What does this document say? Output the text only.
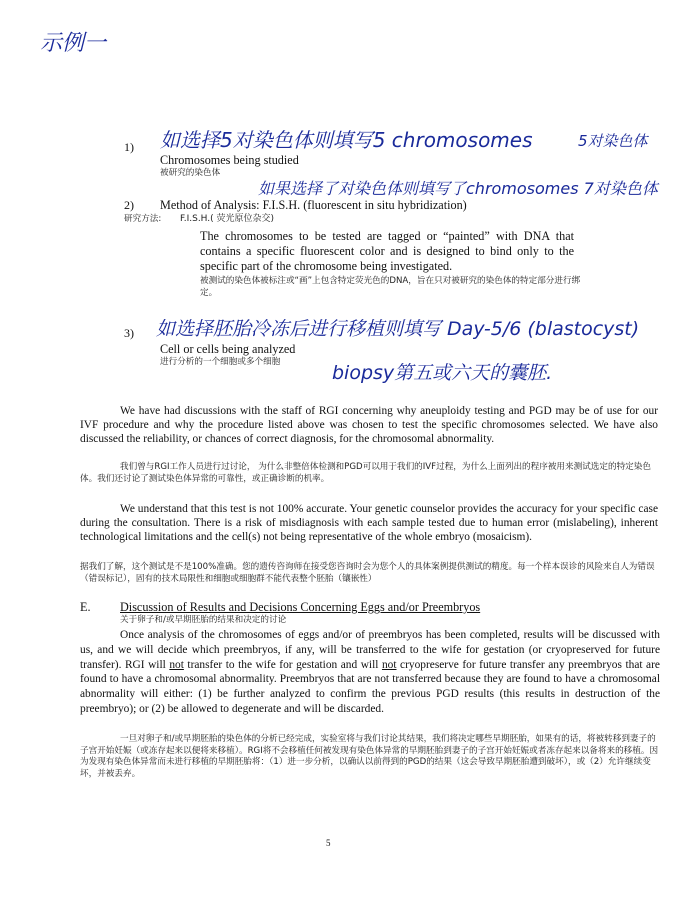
示例一
1) 如选择5对染色体则填写5 chromosomes	5对染色体
Chromosomes being studied
被研究的染色体
如果选择了对染色体则填写了chromosomes 7对染色体
2) Method of Analysis: F.I.S.H. (fluorescent in situ hybridization)
研究方法: F.I.S.H.( 荧光原位杂交)
The chromosomes to be tested are tagged or “painted” with DNA that contains a specific fluorescent color and is designed to bind only to the specific part of the chromosome being investigated.
被测试的染色体被标注或“画”上包含特定荧光色的DNA，旨在只对被研究的染色体的特定部分进行绑定。
3) 如选择胚胎冷冻后进行移植则填写 Day-5/6 (blastocyst)
Cell or cells being analyzed
进行分析的一个细胞或多个细胞	biopsy第五或六天的囊胚.
We have had discussions with the staff of RGI concerning why aneuploidy testing and PGD may be of use for our IVF procedure and why the procedure listed above was chosen to test the specific chromosomes selected. We have also discussed the reliability, or chances of correct diagnosis, for the chromosomal abnormality.
我们曾与RGI工作人员进行过讨论， 为什么非整倍体检测和PGD可以用于我们的IVF过程，为什么上面列出的程序被用来测试选定的特定染色体。我们还讨论了测试染色体异常的可靠性，或正确诊断的机率。
We understand that this test is not 100% accurate. Your genetic counselor provides the accuracy for your specific case during the consultation. There is a risk of misdiagnosis with each sample tested due to human error (mislabeling), inherent technological limitations and the cell(s) not being representative of the whole embryo (mosaicism).
据我们了解，这个测试是不是100%准确。您的遗传咨询师在接受您咨询时会为您个人的具体案例提供测试的精度。每一个样本误诊的风险来自人为错误（错误标记），固有的技术局限性和细胞或细胞群不能代表整个胚胎（镶嵌性）
E. Discussion of Results and Decisions Concerning Eggs and/or Preembryos
关于卵子和/或早期胚胎的结果和决定的讨论
Once analysis of the chromosomes of eggs and/or of preembryos has been completed, results will be discussed with us, and we will decide which preembryos, if any, will be transferred to the wife for gestation (or cryopreserved for future transfer). RGI will not transfer to the wife for gestation and will not cryopreserve for future transfer any preembryos that are found to have a chromosomal abnormality. Preembryos that are not transferred because they are found to have a chromosomal abnormality will either: (1) be further analyzed to confirm the previous PGD results (this results in destruction of the preembryo); or (2) be allowed to degenerate and will be discarded.
一旦对卵子和/或早期胚胎的染色体的分析已经完成，实验室将与我们讨论其结果，我们将决定哪些早期胚胎，如果有的话，将被转移到妻子的子宫开始妊娠（或冻存起来以便将来移植）。RGI将不会移植任何被发现有染色体异常的早期胚胎到妻子的子宫开始妊娠或者冻存起来以备将来的移植。因为发现有染色体异常而未进行移植的早期胚胎将：（1）进一步分析，以确认以前得到的PGD的结果（这会导致早期胚胎遭到破坏），或（2）允许继续变坏，并被丢弃。
5
